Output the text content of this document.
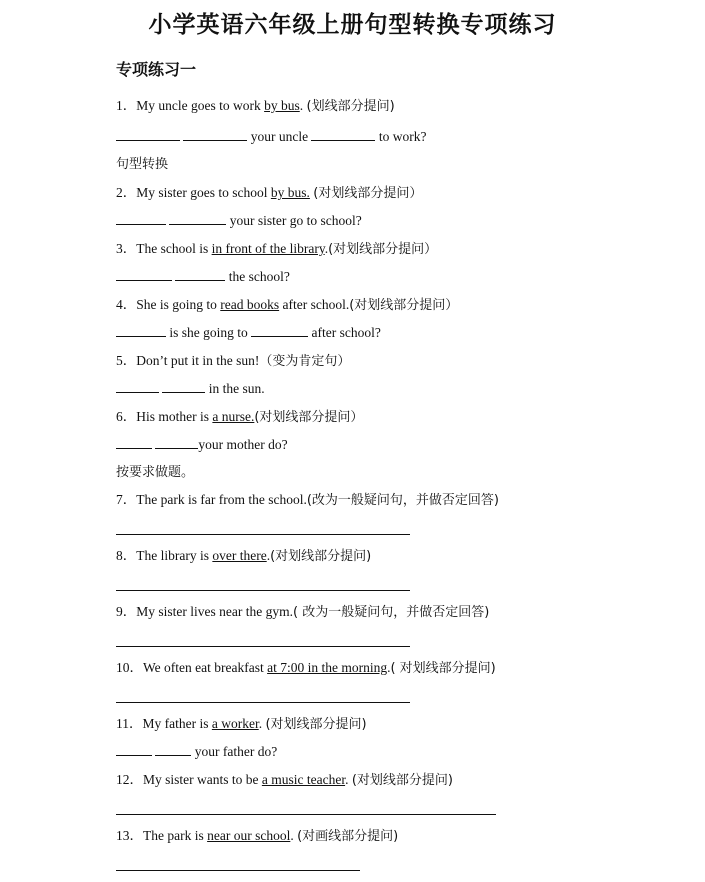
小学英语六年级上册句型转换专项练习
专项练习一
1．My uncle goes to work by bus. (划线部分提问)
your uncle	to work?
句型转换
2．My sister goes to school by bus. (对划线部分提问）
your sister go to school?
3．The school is in front of the library.(对划线部分提问）
the school?
4．She is going to read books after school.(对划线部分提问）
is she going to	after school?
5．Don’t put it in the sun!（变为肯定句）
in the sun.
6．His mother is a nurse.(对划线部分提问）
your mother do?
按要求做题。
7．The park is far from the school.(改为一般疑问句，并做否定回答)
8．The library is over there.(对划线部分提问)
9．My sister lives near the gym.( 改为一般疑问句，并做否定回答)
10．We often eat breakfast at 7:00 in the morning.( 对划线部分提问)
11．My father is a worker. (对划线部分提问)
your father do?
12．My sister wants to be a music teacher. (对划线部分提问)
13．The park is near our school. (对画线部分提问)
